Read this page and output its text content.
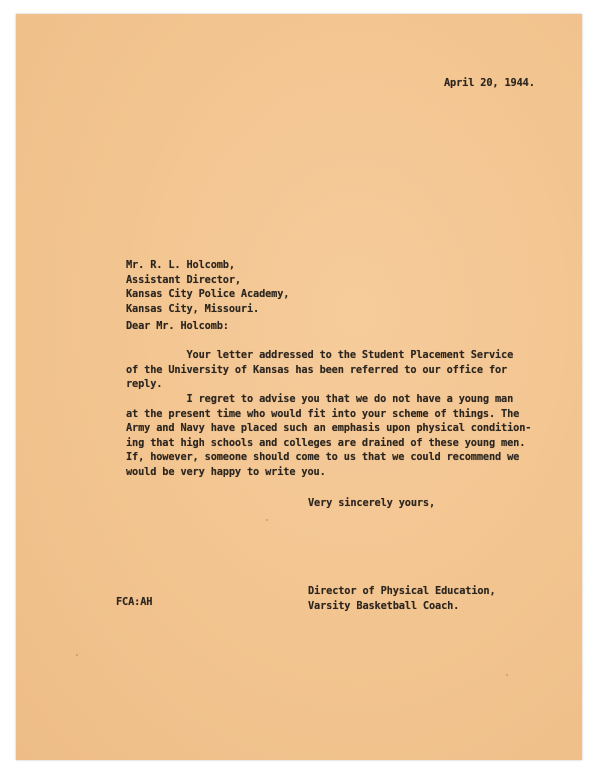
April 20, 1944.
Mr. R. L. Holcomb,
Assistant Director,
Kansas City Police Academy,
Kansas City, Missouri.
Dear Mr. Holcomb:
Your letter addressed to the Student Placement Service
of the University of Kansas has been referred to our office for
reply.
I regret to advise you that we do not have a young man
at the present time who would fit into your scheme of things. The
Army and Navy have placed such an emphasis upon physical condition-
ing that high schools and colleges are drained of these young men.
If, however, someone should come to us that we could recommend we
would be very happy to write you.
Very sincerely yours,
FCA:AH
Director of Physical Education,
Varsity Basketball Coach.
